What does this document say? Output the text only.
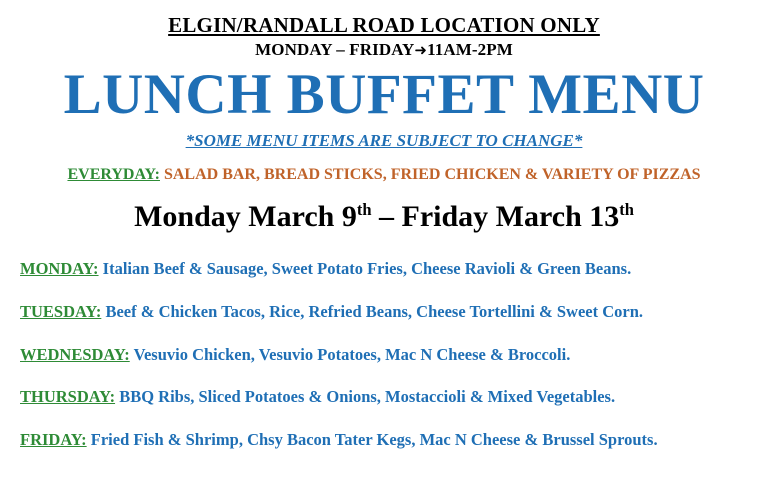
ELGIN/RANDALL ROAD LOCATION ONLY
MONDAY – FRIDAY➜11AM-2PM
LUNCH BUFFET MENU
*SOME MENU ITEMS ARE SUBJECT TO CHANGE*
EVERYDAY: SALAD BAR, BREAD STICKS, FRIED CHICKEN & VARIETY OF PIZZAS
Monday March 9th – Friday March 13th
MONDAY: Italian Beef & Sausage, Sweet Potato Fries, Cheese Ravioli & Green Beans.
TUESDAY: Beef & Chicken Tacos, Rice, Refried Beans, Cheese Tortellini & Sweet Corn.
WEDNESDAY: Vesuvio Chicken, Vesuvio Potatoes, Mac N Cheese & Broccoli.
THURSDAY: BBQ Ribs, Sliced Potatoes & Onions, Mostaccioli & Mixed Vegetables.
FRIDAY: Fried Fish & Shrimp, Chsy Bacon Tater Kegs, Mac N Cheese & Brussel Sprouts.
